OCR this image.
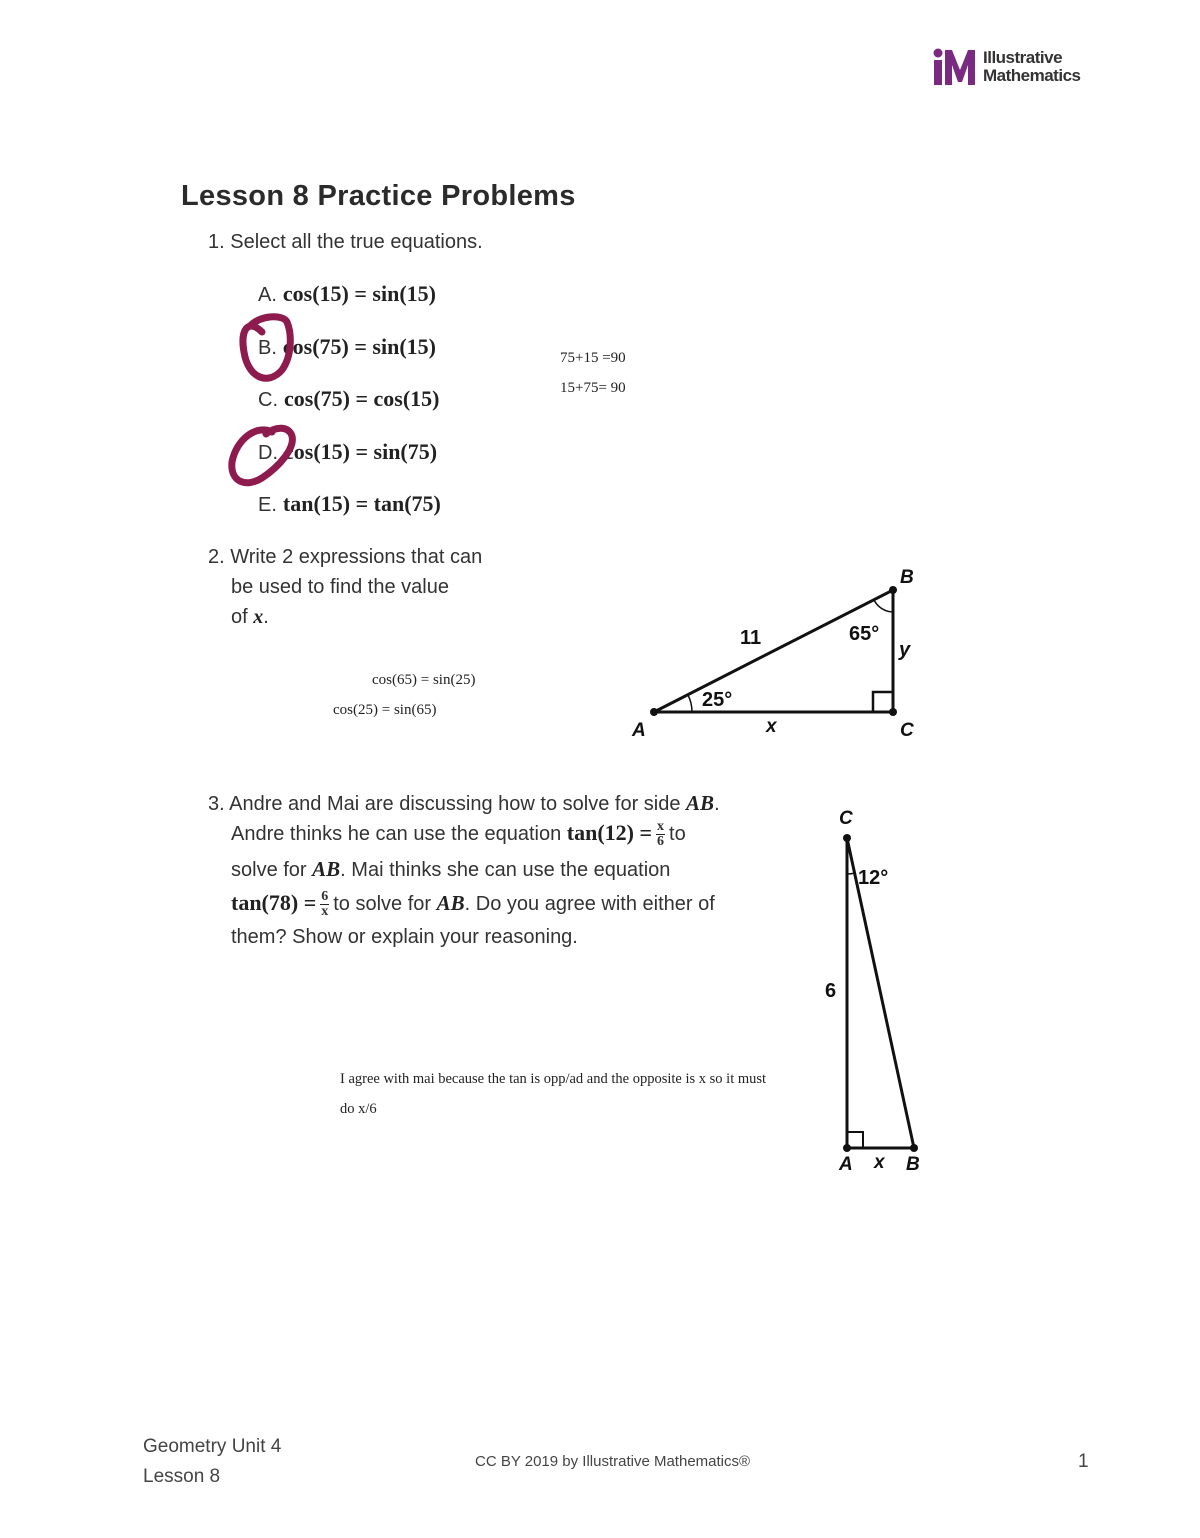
Illustrative
Mathematics
Lesson 8 Practice Problems
1. Select all the true equations.
A. cos(15) = sin(15)
B. cos(75) = sin(15)
C. cos(75) = cos(15)
D. cos(15) = sin(75)
E. tan(15) = tan(75)
75+15 =90
15+75= 90
2. Write 2 expressions that can
be used to find the value
of x.
cos(65) = sin(25)
cos(25) = sin(65)
A	C
B
11
25°
65°
y
x
3. Andre and Mai are discussing how to solve for side AB.
Andre thinks he can use the equation $\tan(12) = \frac{x}{6}$ to
solve for AB. Mai thinks she can use the equation
$\tan(78) = \frac{6}{x}$ to solve for AB. Do you agree with either of
them? Show or explain your reasoning.
I agree with mai because the tan is opp/ad and the opposite is x so it must
do x/6
C
12°
6
A x B
Geometry Unit 4
Lesson 8
CC BY 2019 by Illustrative Mathematics®	1
